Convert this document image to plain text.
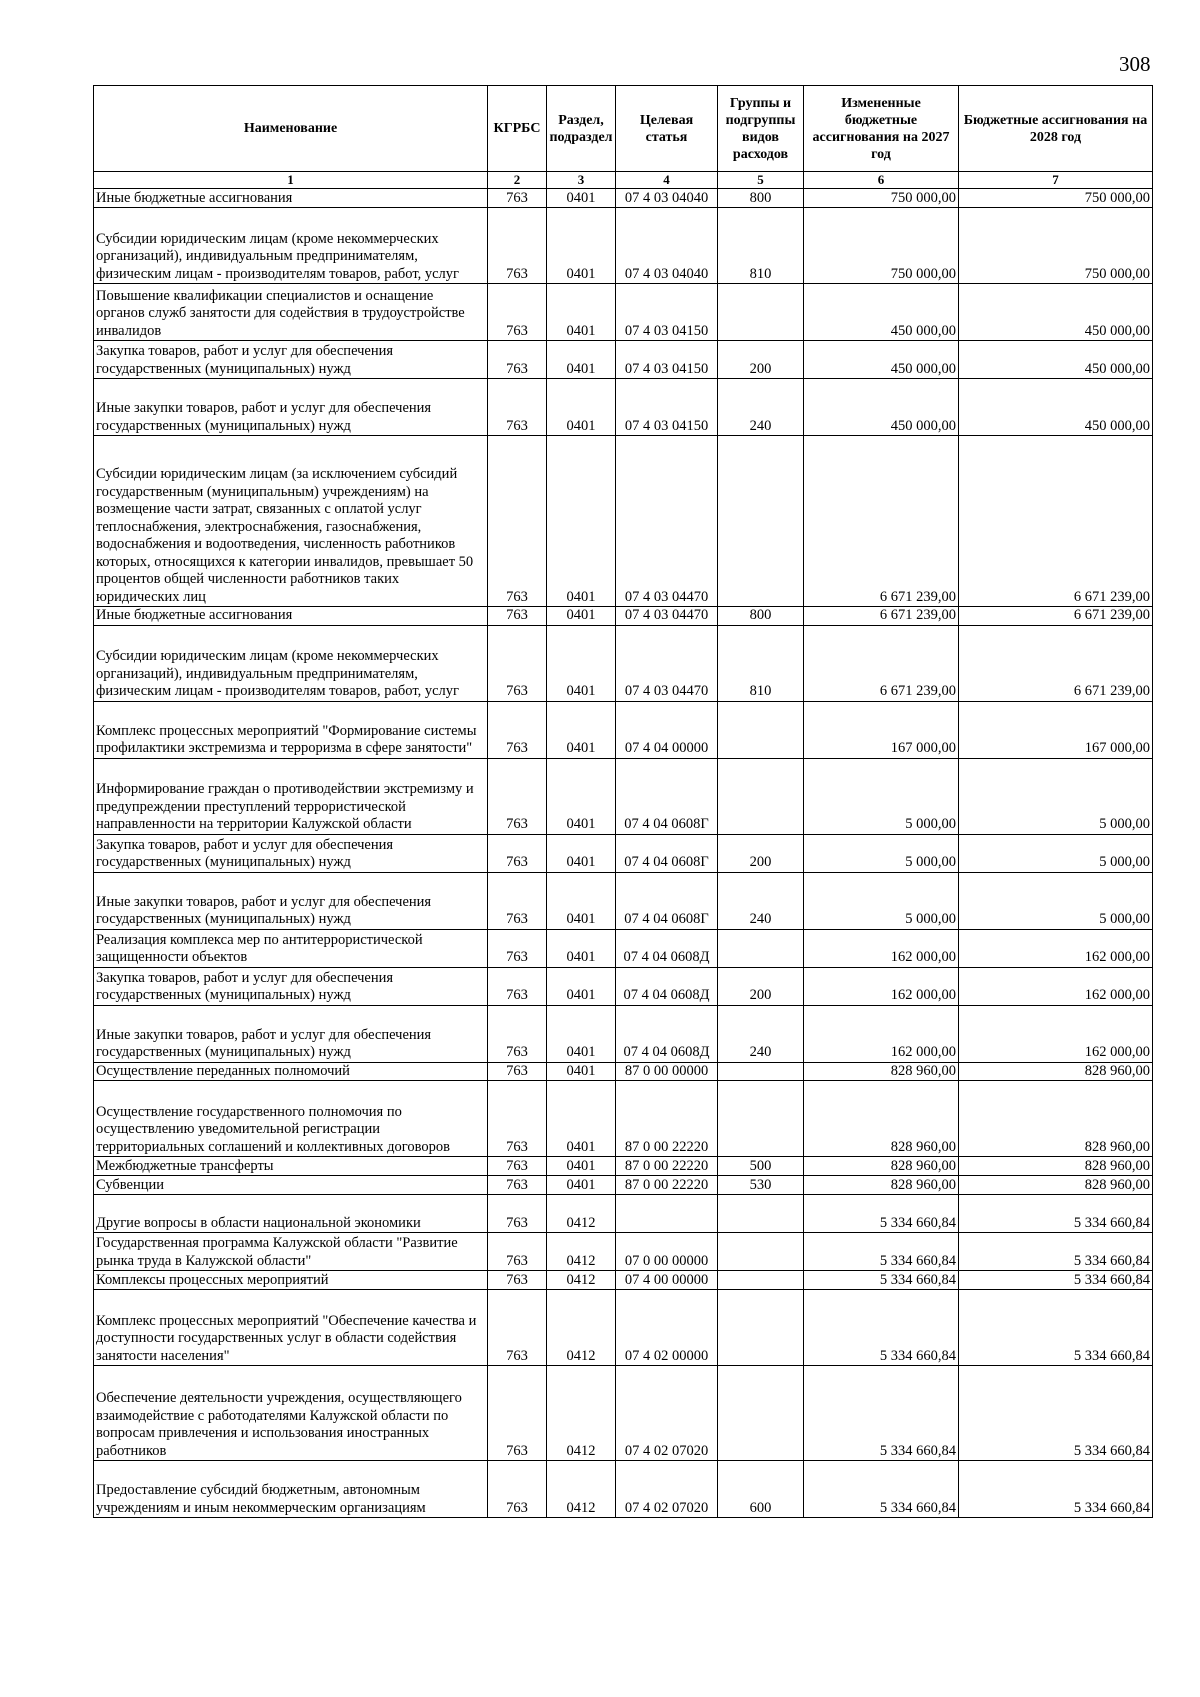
308
Наименование	КГРБС	Раздел, подраздел	Целевая статья	Группы и подгруппы видов расходов	Измененные бюджетные ассигнования на 2027 год	Бюджетные ассигнования на 2028 год
1	2	3	4	5	6	7
Иные бюджетные ассигнования	763	0401	07 4 03 04040	800	750 000,00	750 000,00
Субсидии юридическим лицам (кроме некоммерческих организаций), индивидуальным предпринимателям, физическим лицам - производителям товаров, работ, услуг	763	0401	07 4 03 04040	810	750 000,00	750 000,00
Повышение квалификации специалистов и оснащение органов служб занятости для содействия в трудоустройстве инвалидов	763	0401	07 4 03 04150		450 000,00	450 000,00
Закупка товаров, работ и услуг для обеспечения государственных (муниципальных) нужд	763	0401	07 4 03 04150	200	450 000,00	450 000,00
Иные закупки товаров, работ и услуг для обеспечения государственных (муниципальных) нужд	763	0401	07 4 03 04150	240	450 000,00	450 000,00
Субсидии юридическим лицам (за исключением субсидий государственным (муниципальным) учреждениям) на возмещение части затрат, связанных с оплатой услуг теплоснабжения, электроснабжения, газоснабжения, водоснабжения и водоотведения, численность работников которых, относящихся к категории инвалидов, превышает 50 процентов общей численности работников таких юридических лиц	763	0401	07 4 03 04470		6 671 239,00	6 671 239,00
Иные бюджетные ассигнования	763	0401	07 4 03 04470	800	6 671 239,00	6 671 239,00
Субсидии юридическим лицам (кроме некоммерческих организаций), индивидуальным предпринимателям, физическим лицам - производителям товаров, работ, услуг	763	0401	07 4 03 04470	810	6 671 239,00	6 671 239,00
Комплекс процессных мероприятий "Формирование системы профилактики экстремизма и терроризма в сфере занятости"	763	0401	07 4 04 00000		167 000,00	167 000,00
Информирование граждан о противодействии экстремизму и предупреждении преступлений террористической направленности на территории Калужской области	763	0401	07 4 04 0608Г		5 000,00	5 000,00
Закупка товаров, работ и услуг для обеспечения государственных (муниципальных) нужд	763	0401	07 4 04 0608Г	200	5 000,00	5 000,00
Иные закупки товаров, работ и услуг для обеспечения государственных (муниципальных) нужд	763	0401	07 4 04 0608Г	240	5 000,00	5 000,00
Реализация комплекса мер по антитеррористической защищенности объектов	763	0401	07 4 04 0608Д		162 000,00	162 000,00
Закупка товаров, работ и услуг для обеспечения государственных (муниципальных) нужд	763	0401	07 4 04 0608Д	200	162 000,00	162 000,00
Иные закупки товаров, работ и услуг для обеспечения государственных (муниципальных) нужд	763	0401	07 4 04 0608Д	240	162 000,00	162 000,00
Осуществление переданных полномочий	763	0401	87 0 00 00000		828 960,00	828 960,00
Осуществление государственного полномочия по осуществлению уведомительной регистрации территориальных соглашений и коллективных договоров	763	0401	87 0 00 22220		828 960,00	828 960,00
Межбюджетные трансферты	763	0401	87 0 00 22220	500	828 960,00	828 960,00
Субвенции	763	0401	87 0 00 22220	530	828 960,00	828 960,00
Другие вопросы в области национальной экономики	763	0412			5 334 660,84	5 334 660,84
Государственная программа Калужской области "Развитие рынка труда в Калужской области"	763	0412	07 0 00 00000		5 334 660,84	5 334 660,84
Комплексы процессных мероприятий	763	0412	07 4 00 00000		5 334 660,84	5 334 660,84
Комплекс процессных мероприятий "Обеспечение качества и доступности государственных услуг в области содействия занятости населения"	763	0412	07 4 02 00000		5 334 660,84	5 334 660,84
Обеспечение деятельности учреждения, осуществляющего взаимодействие с работодателями Калужской области по вопросам привлечения и использования иностранных работников	763	0412	07 4 02 07020		5 334 660,84	5 334 660,84
Предоставление субсидий бюджетным, автономным учреждениям и иным некоммерческим организациям	763	0412	07 4 02 07020	600	5 334 660,84	5 334 660,84
